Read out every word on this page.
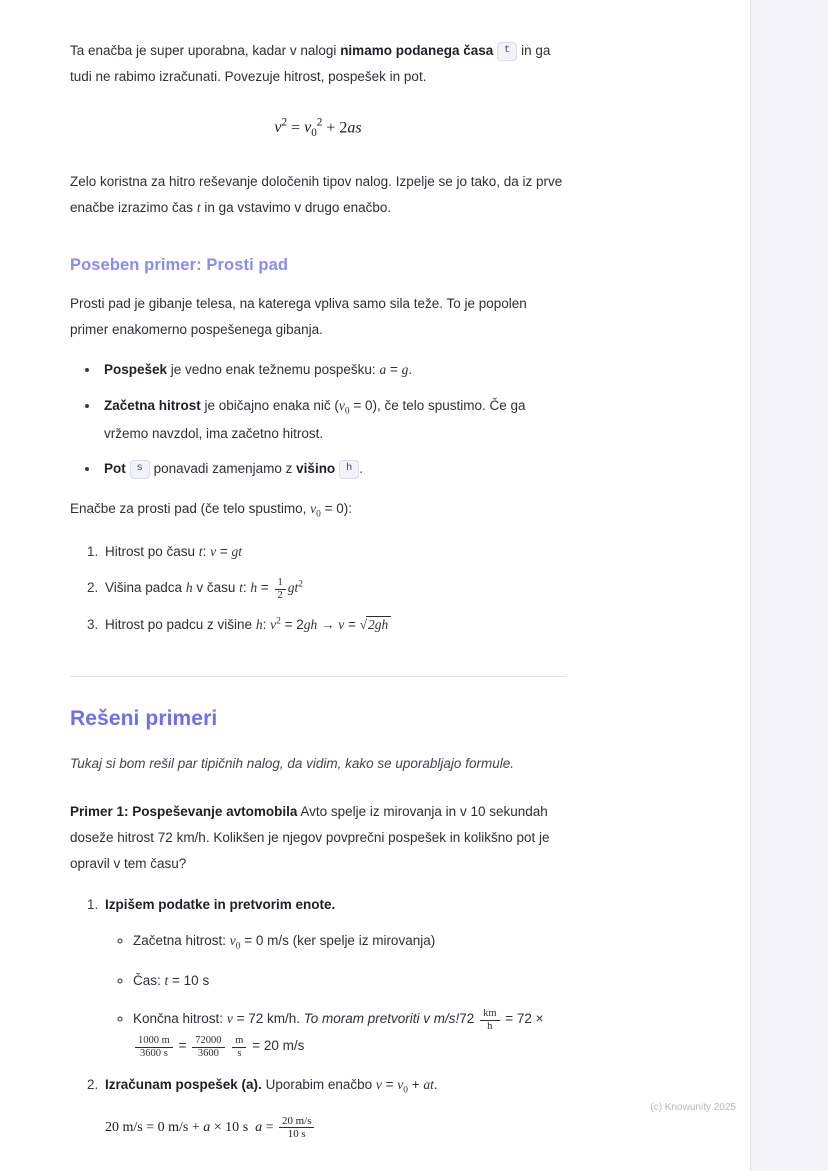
Ta enačba je super uporabna, kadar v nalogi nimamo podanega časa t in ga tudi ne rabimo izračunati. Povezuje hitrost, pospešek in pot.

$v^2 = v_0^2 + 2as$

Zelo koristna za hitro reševanje določenih tipov nalog. Izpelje se jo tako, da iz prve enačbe izrazimo čas t in ga vstavimo v drugo enačbo.

Poseben primer: Prosti pad

Prosti pad je gibanje telesa, na katerega vpliva samo sila teže. To je popolen primer enakomerno pospešenega gibanja.

• Pospešek je vedno enak težnemu pospešku: a = g.
• Začetna hitrost je običajno enaka nič $(v_0 = 0)$, če telo spustimo. Če ga vržemo navzdol, ima začetno hitrost.
• Pot s ponavadi zamenjamo z višino h .

Enačbe za prosti pad (če telo spustimo, $v_0 = 0$):

1. Hitrost po času t: v = gt
2. Višina padca h v času t: $h = \frac{1}{2} gt^2$
3. Hitrost po padcu z višine h: $v^2 = 2gh \to v = √2gh$
Rešeni primeri

Tukaj si bom rešil par tipičnih nalog, da vidim, kako se uporabljajo formule.

Primer 1: Pospeševanje avtomobila Avto speljе iz mirovanja in v 10 sekundah doseže hitrost 72 km/h. Kolikšen je njegov povprečni pospešek in kolikšno pot je opravil v tem času?

1. Izpišem podatke in pretvorim enote.
◦ Začetna hitrost: $v_0 = 0$ m/s (ker spelje iz mirovanja)
◦ Čas: t = 10 s
◦ Končna hitrost: v = 72 km/h. To moram pretvoriti v $m/s!72 \frac{km}{h} = 72$ ×
$\frac{1000 m}{3600 s} = \frac{72000}{3600}$
$\frac{m}{s} = 20$ m/s
2. Izračunam pospešek (a). Uporabim enačbo $v = v_0$ + at.
20 m/s = 0 m/s + a × 10 s $a = \frac{20 m/s}{10 s}$
(c) Knowunity 2025
